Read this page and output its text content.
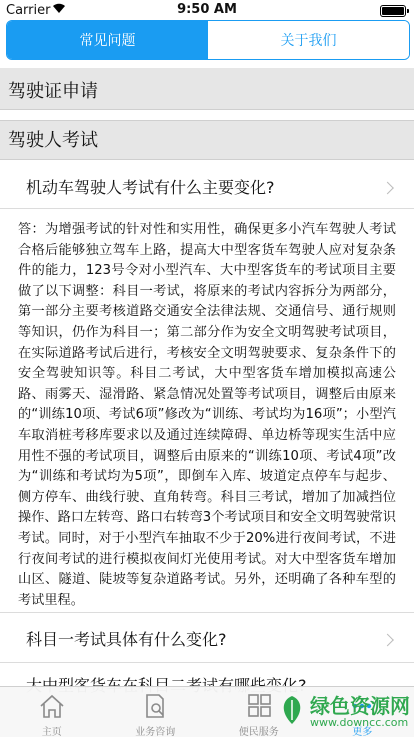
Carrier	9:50 AM
常见问题	关于我们
驾驶证申请
驾驶人考试
机动车驾驶人考试有什么主要变化?
答：为增强考试的针对性和实用性，确保更多小汽车驾驶人考试合格后能够独立驾车上路，提高大中型客货车驾驶人应对复杂条件的能力，123号令对小型汽车、大中型客货车的考试项目主要做了以下调整：科目一考试，将原来的考试内容拆分为两部分，第一部分主要考核道路交通安全法律法规、交通信号、通行规则等知识，仍作为科目一；第二部分作为安全文明驾驶考试项目，在实际道路考试后进行，考核安全文明驾驶要求、复杂条件下的安全驾驶知识等。科目二考试，大中型客货车增加模拟高速公路、雨雾天、湿滑路、紧急情况处置等考试项目，调整后由原来的“训练10项、考试6项”修改为“训练、考试均为16项”；小型汽车取消桩考移库要求以及通过连续障碍、单边桥等现实生活中应用性不强的考试项目，调整后由原来的“训练10项、考试4项”改为“训练和考试均为5项”，即倒车入库、坡道定点停车与起步、侧方停车、曲线行驶、直角转弯。科目三考试，增加了加减挡位操作、路口左转弯、路口右转弯3个考试项目和安全文明驾驶常识考试。同时，对于小型汽车抽取不少于20%进行夜间考试，不进行夜间考试的进行模拟夜间灯光使用考试。对大中型客货车增加山区、隧道、陡坡等复杂道路考试。另外，还明确了各种车型的考试里程。
科目一考试具体有什么变化?
主页	业务咨询	便民服务	更多
绿色资源网
www.downcc.com
